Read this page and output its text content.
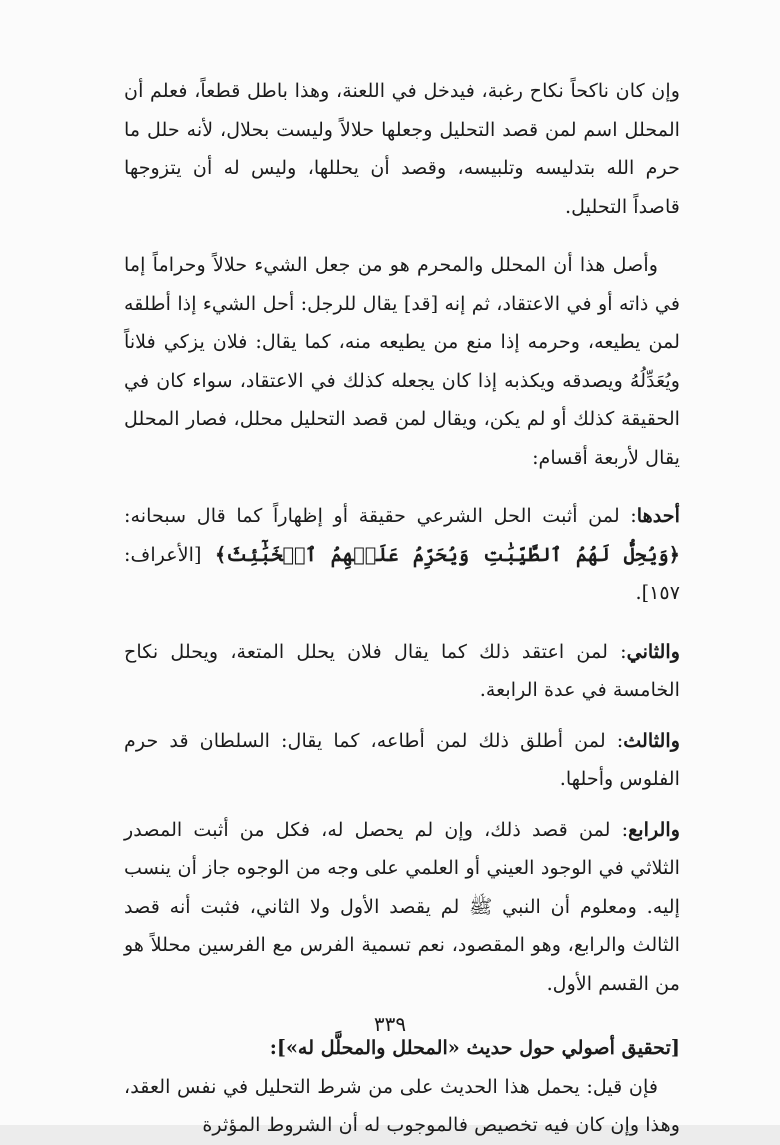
وإن كان ناكحاً نكاح رغبة، فيدخل في اللعنة، وهذا باطل قطعاً، فعلم أن المحلل اسم لمن قصد التحليل وجعلها حلالاً وليست بحلال، لأنه حلل ما حرم الله بتدليسه وتلبيسه، وقصد أن يحللها، وليس له أن يتزوجها قاصداً التحليل.

وأصل هذا أن المحلل والمحرم هو من جعل الشيء حلالاً وحراماً إما في ذاته أو في الاعتقاد، ثم إنه [قد] يقال للرجل: أحل الشيء إذا أطلقه لمن يطيعه، وحرمه إذا منع من يطيعه منه، كما يقال: فلان يزكي فلاناً ويُعَدِّلُهُ ويصدقه ويكذبه إذا كان يجعله كذلك في الاعتقاد، سواء كان في الحقيقة كذلك أو لم يكن، ويقال لمن قصد التحليل محلل، فصار المحلل يقال لأربعة أقسام:

أحدها: لمن أثبت الحل الشرعي حقيقة أو إظهاراً كما قال سبحانه: ﴿وَيُحِلُّ لَهُمُ ٱلطَّيِّبَٰتِ وَيُحَرِّمُ عَلَيۡهِمُ ٱلۡخَبَٰٓئِثَ﴾ [الأعراف: ١٥٧].

والثاني: لمن اعتقد ذلك كما يقال فلان يحلل المتعة، ويحلل نكاح الخامسة في عدة الرابعة.

والثالث: لمن أطلق ذلك لمن أطاعه، كما يقال: السلطان قد حرم الفلوس وأحلها.

والرابع: لمن قصد ذلك، وإن لم يحصل له، فكل من أثبت المصدر الثلاثي في الوجود العيني أو العلمي على وجه من الوجوه جاز أن ينسب إليه. ومعلوم أن النبي ﷺ لم يقصد الأول ولا الثاني، فثبت أنه قصد الثالث والرابع، وهو المقصود، نعم تسمية الفرس مع الفرسين محللاً هو من القسم الأول.

[تحقيق أصولي حول حديث «المحلل والمحلَّل له»]:

فإن قيل: يحمل هذا الحديث على من شرط التحليل في نفس العقد، وهذا وإن كان فيه تخصيص فالموجوب له أن الشروط المؤثرة

٣٣٩
